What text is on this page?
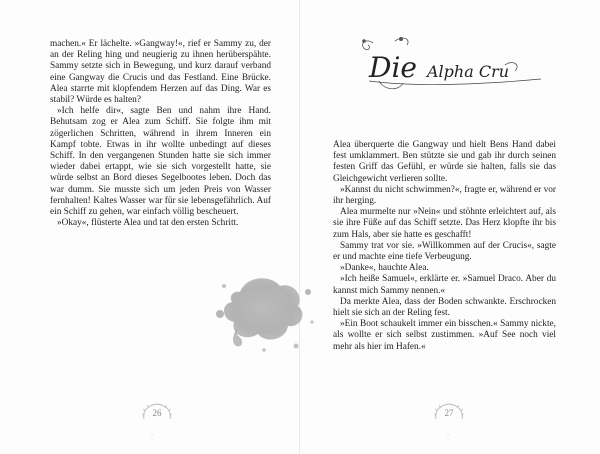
machen.« Er lächelte. »Gangway!«, rief er Sammy zu, der an der Reling hing und neugierig zu ihnen herüberspähte. Sammy setzte sich in Bewegung, und kurz darauf verband eine Gangway die Crucis und das Festland. Eine Brücke. Alea starrte mit klopfendem Herzen auf das Ding. War es stabil? Würde es halten?

»Ich helfe dir«, sagte Ben und nahm ihre Hand. Behutsam zog er Alea zum Schiff. Sie folgte ihm mit zögerlichen Schritten, während in ihrem Inneren ein Kampf tobte. Etwas in ihr wollte unbedingt auf dieses Schiff. In den vergangenen Stunden hatte sie sich immer wieder dabei ertappt, wie sie sich vorgestellt hatte, sie würde selbst an Bord dieses Segelbootes leben. Doch das war dumm. Sie musste sich um jeden Preis von Wasser fernhalten! Kaltes Wasser war für sie lebensgefährlich. Auf ein Schiff zu gehen, war einfach völlig bescheuert.

»Okay«, flüsterte Alea und tat den ersten Schritt.

26
›

Alea überquerte die Gangway und hielt Bens Hand dabei fest umklammert. Ben stützte sie und gab ihr durch seinen festen Griff das Gefühl, er würde sie halten, falls sie das Gleichgewicht verlieren sollte.

»Kannst du nicht schwimmen?«, fragte er, während er vor ihr herging.

Alea murmelte nur »Nein« und stöhnte erleichtert auf, als sie ihre Füße auf das Schiff setzte. Das Herz klopfte ihr bis zum Hals, aber sie hatte es geschafft!

Sammy trat vor sie. »Willkommen auf der Crucis«, sagte er und machte eine tiefe Verbeugung.

»Danke«, hauchte Alea.

»Ich heiße Samuel«, erklärte er. »Samuel Draco. Aber du kannst mich Sammy nennen.«

Da merkte Alea, dass der Boden schwankte. Erschrocken hielt sie sich an der Reling fest.

»Ein Boot schaukelt immer ein bisschen.« Sammy nickte, als wollte er sich selbst zustimmen. »Auf See noch viel mehr als hier im Hafen.«

27
›
Die Alpha Cru
